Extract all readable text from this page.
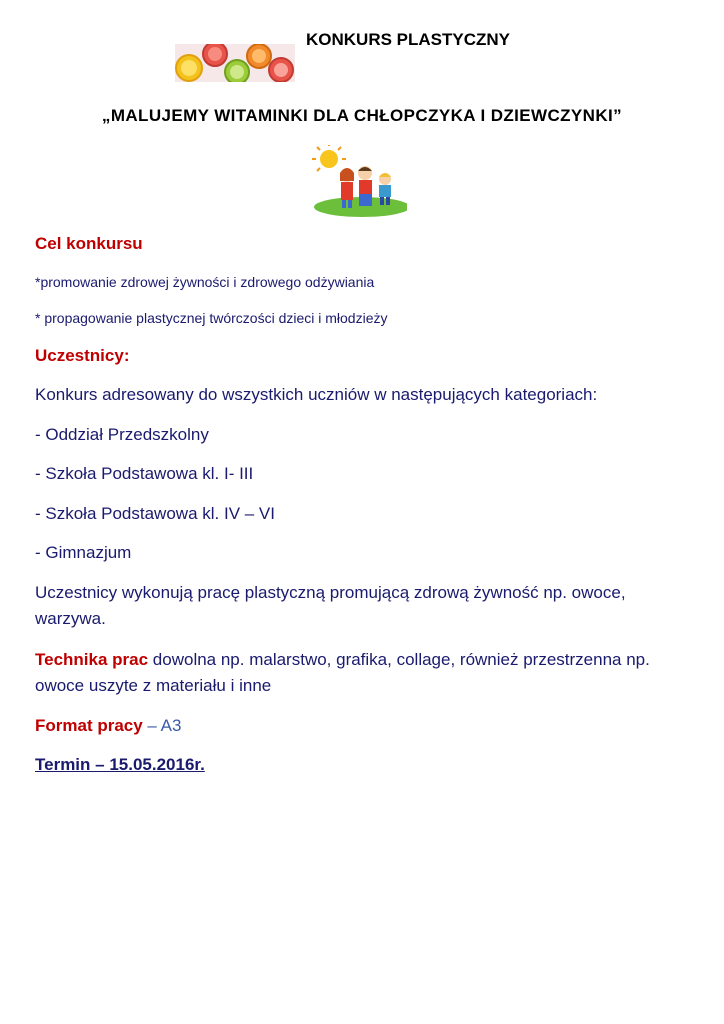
KONKURS PLASTYCZNY
„MALUJEMY WITAMINKI DLA CHŁOPCZYKA I DZIEWCZYNKI”
Cel konkursu
*promowanie zdrowej żywności i zdrowego odżywiania
* propagowanie plastycznej twórczości dzieci i młodzieży
Uczestnicy:
Konkurs adresowany do wszystkich uczniów w następujących kategoriach:
- Oddział Przedszkolny
- Szkoła Podstawowa kl. I- III
- Szkoła Podstawowa kl. IV – VI
- Gimnazjum
Uczestnicy wykonują pracę plastyczną promującą zdrową żywność np. owoce,
warzywa.
Technika prac dowolna np. malarstwo, grafika, collage, również przestrzenna np.
owoce uszyte z materiału i inne
Format pracy – A3
Termin – 15.05.2016r.
